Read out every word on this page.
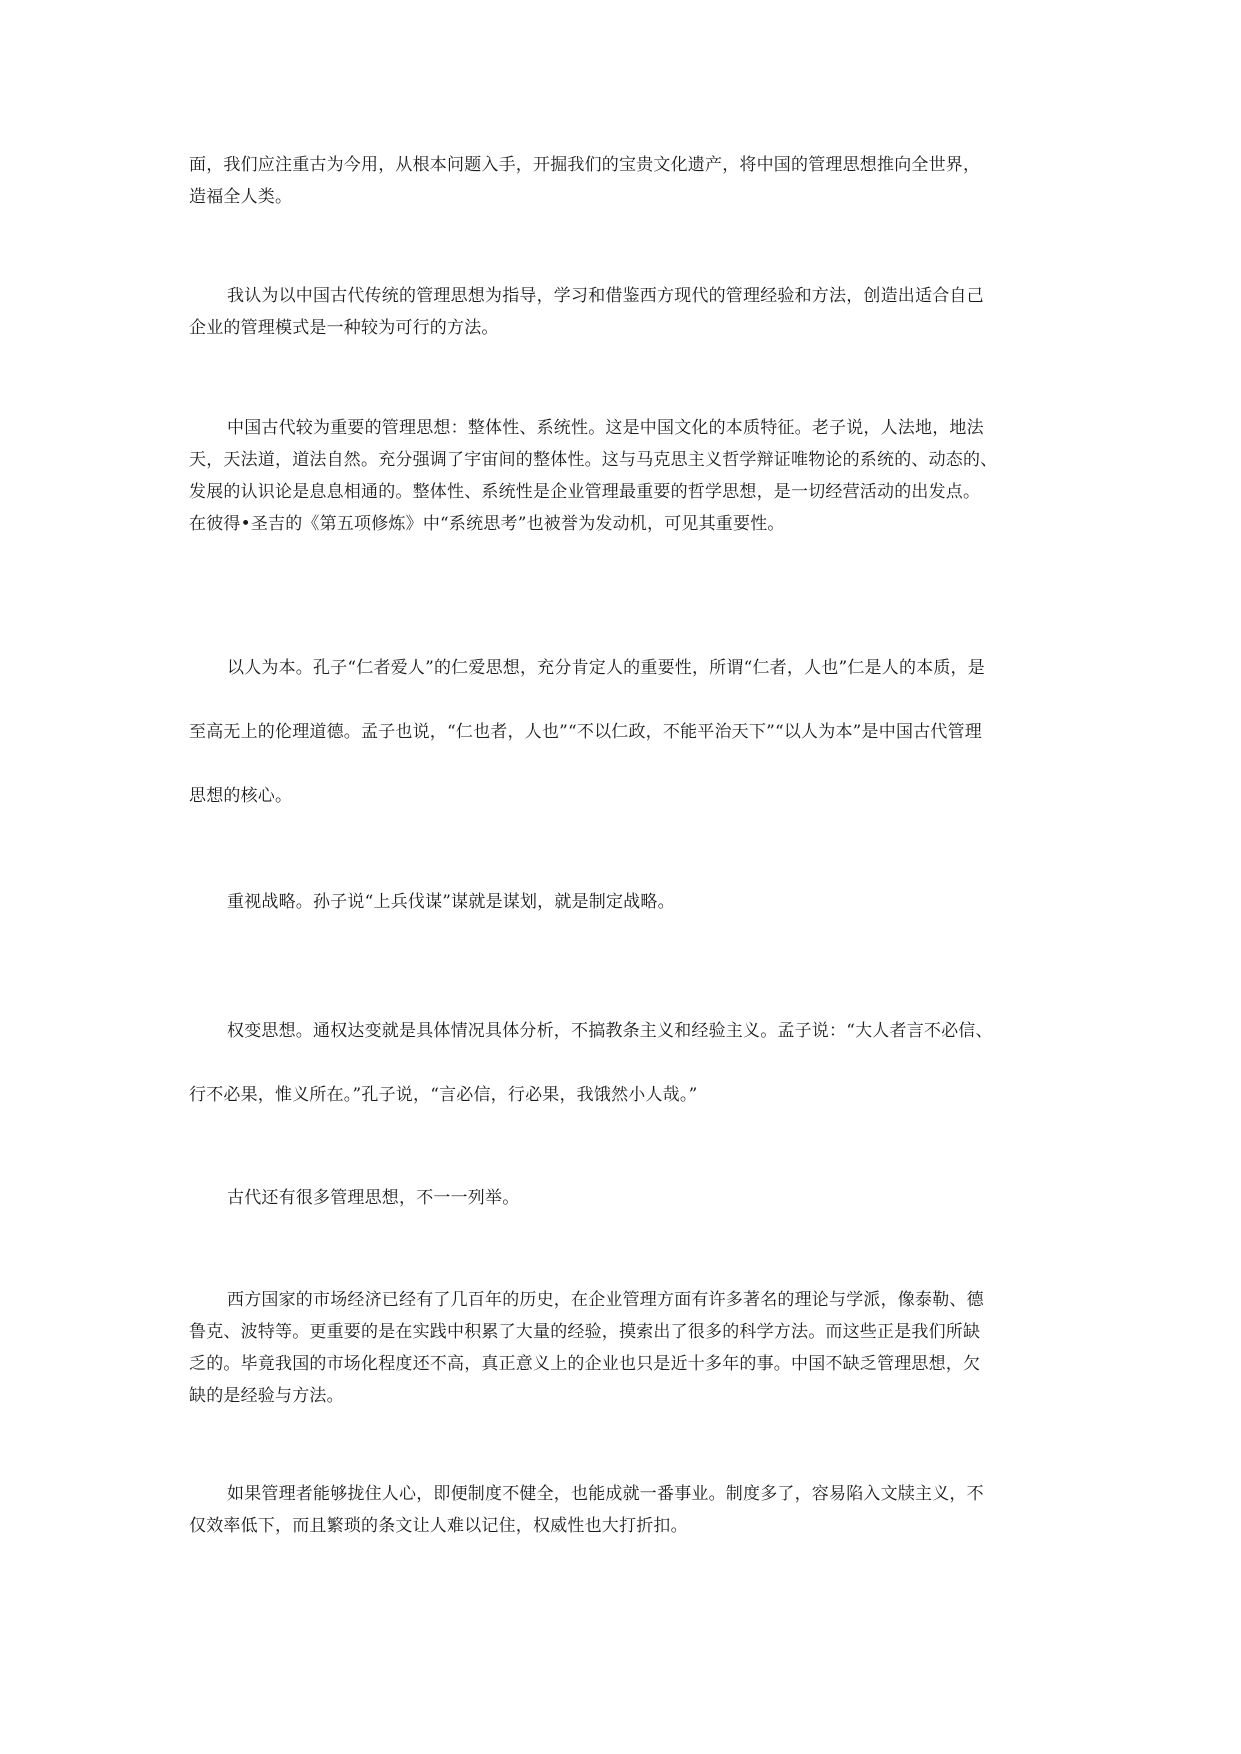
面，我们应注重古为今用，从根本问题入手，开掘我们的宝贵文化遗产，将中国的管理思想推向全世界，
造福全人类。

我认为以中国古代传统的管理思想为指导，学习和借鉴西方现代的管理经验和方法，创造出适合自己
企业的管理模式是一种较为可行的方法。

中国古代较为重要的管理思想：整体性、系统性。这是中国文化的本质特征。老子说，人法地，地法
天，天法道，道法自然。充分强调了宇宙间的整体性。这与马克思主义哲学辩证唯物论的系统的、动态的、
发展的认识论是息息相通的。整体性、系统性是企业管理最重要的哲学思想，是一切经营活动的出发点。
在彼得•圣吉的《第五项修炼》中“系统思考”也被誉为发动机，可见其重要性。

以人为本。孔子“仁者爱人”的仁爱思想，充分肯定人的重要性，所谓“仁者，人也”仁是人的本质，是
至高无上的伦理道德。孟子也说，“仁也者，人也”“不以仁政，不能平治天下”“以人为本”是中国古代管理
思想的核心。

重视战略。孙子说“上兵伐谋”谋就是谋划，就是制定战略。

权变思想。通权达变就是具体情况具体分析，不搞教条主义和经验主义。孟子说：“大人者言不必信、
行不必果，惟义所在。”孔子说，“言必信，行必果，我饿然小人哉。”

古代还有很多管理思想，不一一列举。

西方国家的市场经济已经有了几百年的历史，在企业管理方面有许多著名的理论与学派，像泰勒、德
鲁克、波特等。更重要的是在实践中积累了大量的经验，摸索出了很多的科学方法。而这些正是我们所缺
乏的。毕竟我国的市场化程度还不高，真正意义上的企业也只是近十多年的事。中国不缺乏管理思想，欠
缺的是经验与方法。

如果管理者能够拢住人心，即便制度不健全，也能成就一番事业。制度多了，容易陷入文牍主义，不
仅效率低下，而且繁琐的条文让人难以记住，权威性也大打折扣。
